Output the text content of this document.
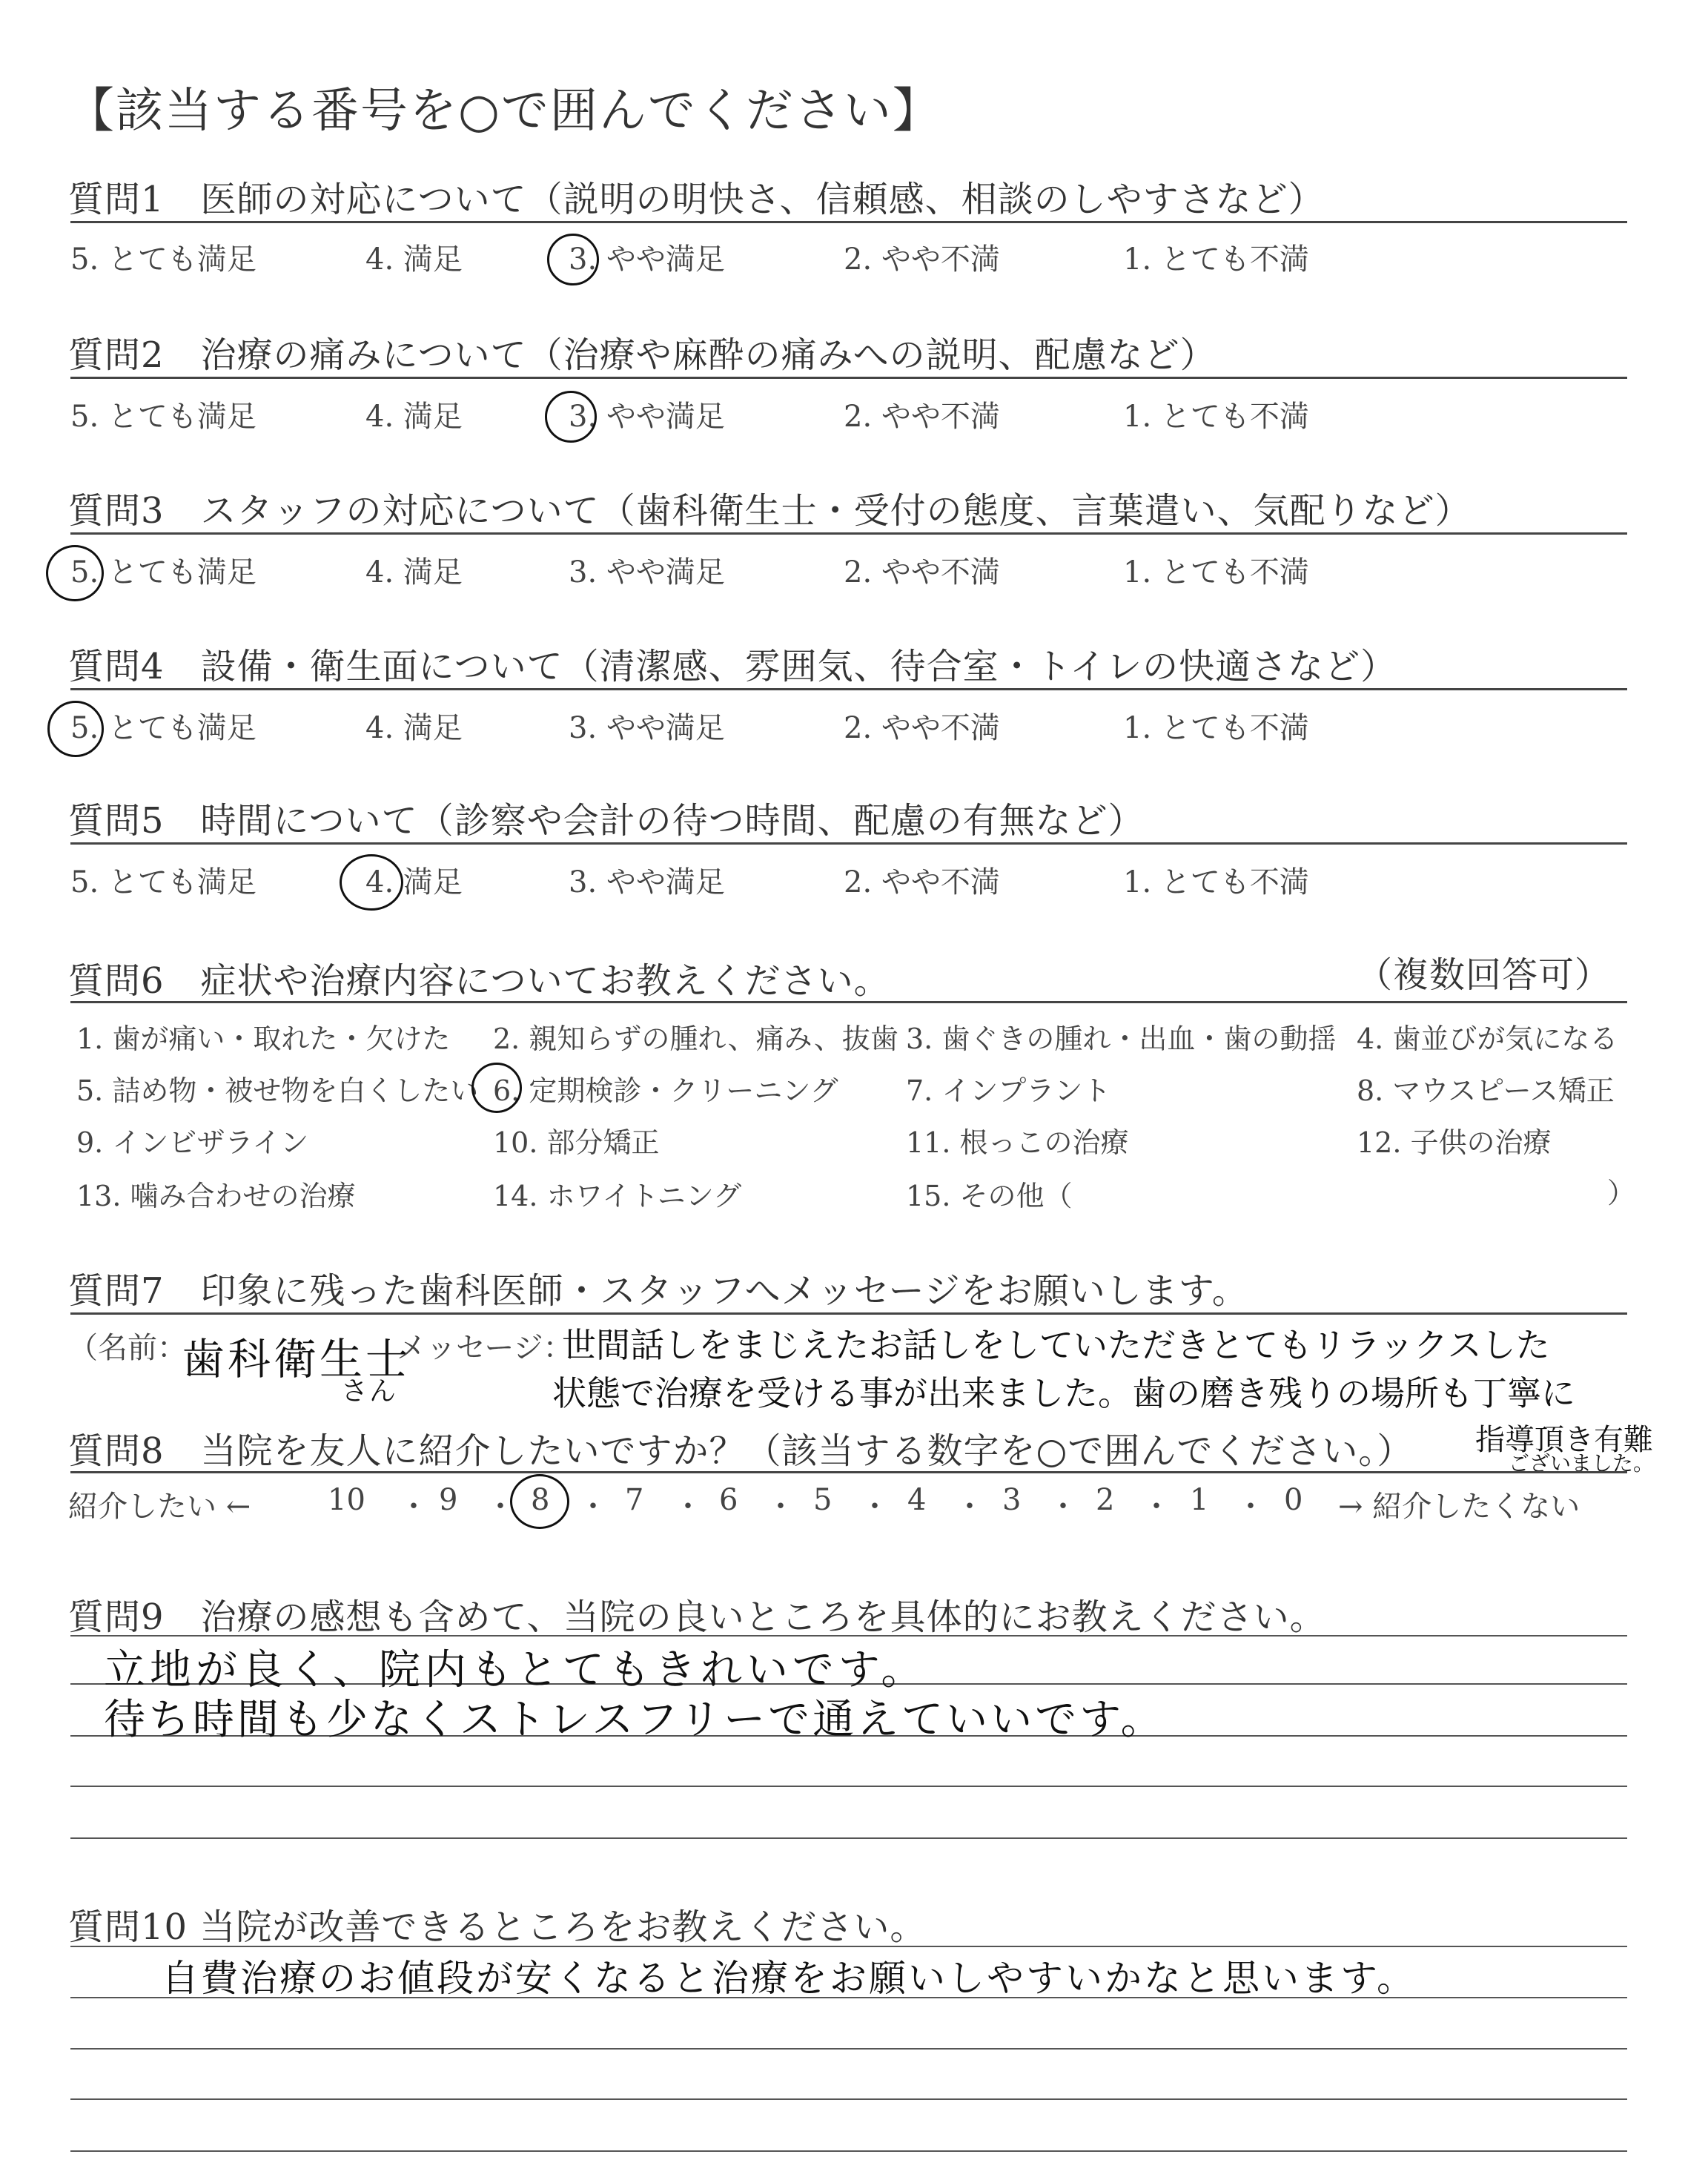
【該当する番号を○で囲んでください】
質問1　医師の対応について（説明の明快さ、信頼感、相談のしやすさなど）
5. とても満足	4. 満足	3. やや満足	2. やや不満	1. とても不満
質問2　治療の痛みについて（治療や麻酔の痛みへの説明、配慮など）
5. とても満足	4. 満足	3. やや満足	2. やや不満	1. とても不満
質問3　スタッフの対応について（歯科衛生士・受付の態度、言葉遣い、気配りなど）
5. とても満足	4. 満足	3. やや満足	2. やや不満	1. とても不満
質問4　設備・衛生面について（清潔感、雰囲気、待合室・トイレの快適さなど）
5. とても満足	4. 満足	3. やや満足	2. やや不満	1. とても不満
質問5　時間について（診察や会計の待つ時間、配慮の有無など）
5. とても満足	4. 満足	3. やや満足	2. やや不満	1. とても不満
質問6　症状や治療内容についてお教えください。	（複数回答可）
1. 歯が痛い・取れた・欠けた 2. 親知らずの腫れ、痛み、抜歯 3. 歯ぐきの腫れ・出血・歯の動揺 4. 歯並びが気になる
5. 詰め物・被せ物を白くしたい 6. 定期検診・クリーニング 7. インプラント	8. マウスピース矯正
9. インビザライン	10. 部分矯正	11. 根っこの治療	12. 子供の治療
13. 噛み合わせの治療	14. ホワイトニング	15. その他（	）
質問7　印象に残った歯科医師・スタッフへメッセージをお願いします。
（名前：
歯科衛生士
さん
メッセージ：
世間話しをまじえたお話しをしていただきとてもリラックスした
状態で治療を受ける事が出来ました。歯の磨き残りの場所も丁寧に
指導頂き有難
ございました。
質問8　当院を友人に紹介したいですか？（該当する数字を○で囲んでください。）
紹介したい ←	10 ・ 9 ・ 8 ・ 7 ・ 6 ・ 5 ・ 4 ・ 3 ・ 2 ・ 1 ・ 0 → 紹介したくない
質問9　治療の感想も含めて、当院の良いところを具体的にお教えください。
立地が良く、院内もとてもきれいです。
待ち時間も少なくストレスフリーで通えていいです。
質問10 当院が改善できるところをお教えください。
自費治療のお値段が安くなると治療をお願いしやすいかなと思います。
